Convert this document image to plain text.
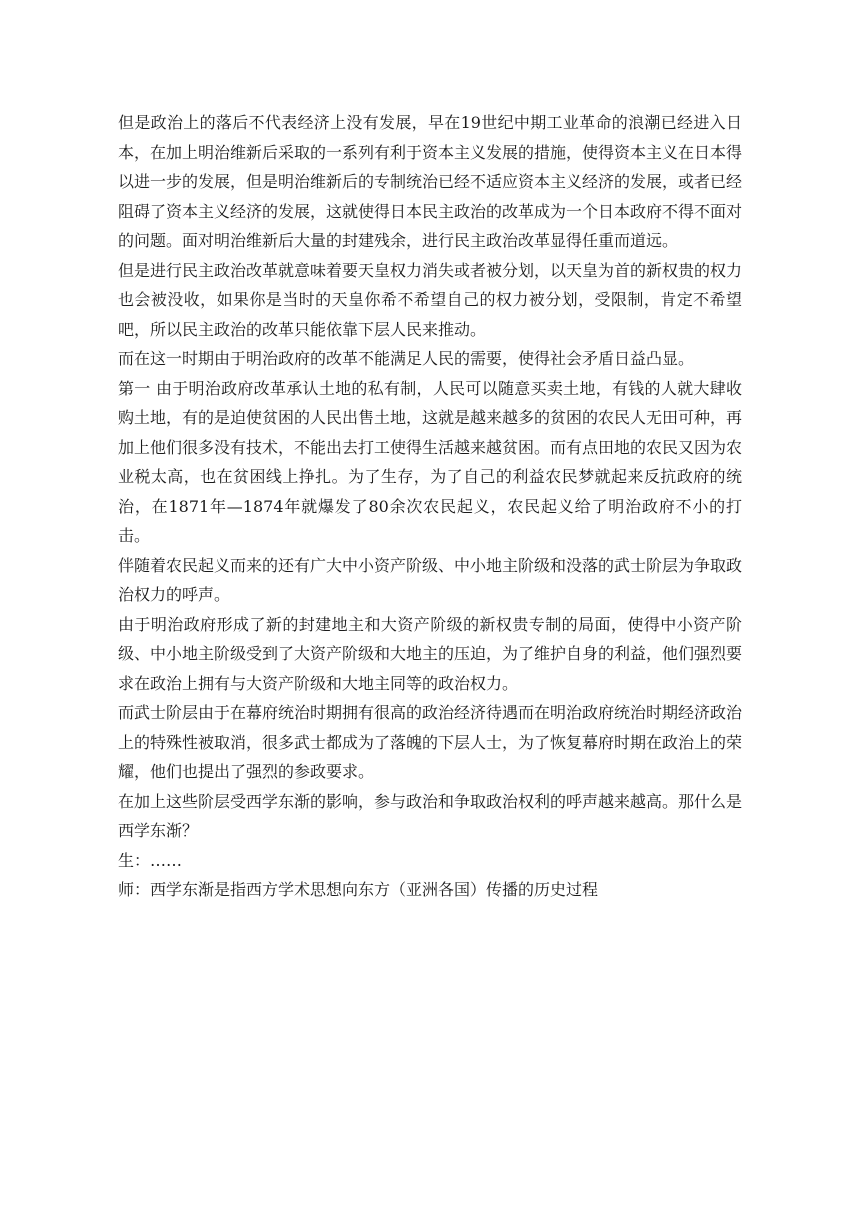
但是政治上的落后不代表经济上没有发展，早在19世纪中期工业革命的浪潮已经进入日本，在加上明治维新后采取的一系列有利于资本主义发展的措施，使得资本主义在日本得以进一步的发展，但是明治维新后的专制统治已经不适应资本主义经济的发展，或者已经阻碍了资本主义经济的发展，这就使得日本民主政治的改革成为一个日本政府不得不面对的问题。面对明治维新后大量的封建残余，进行民主政治改革显得任重而道远。

但是进行民主政治改革就意味着要天皇权力消失或者被分划，以天皇为首的新权贵的权力也会被没收，如果你是当时的天皇你希不希望自己的权力被分划，受限制，肯定不希望吧，所以民主政治的改革只能依靠下层人民来推动。

而在这一时期由于明治政府的改革不能满足人民的需要，使得社会矛盾日益凸显。

第一 由于明治政府改革承认土地的私有制，人民可以随意买卖土地，有钱的人就大肆收购土地，有的是迫使贫困的人民出售土地，这就是越来越多的贫困的农民人无田可种，再加上他们很多没有技术，不能出去打工使得生活越来越贫困。而有点田地的农民又因为农业税太高，也在贫困线上挣扎。为了生存，为了自己的利益农民梦就起来反抗政府的统治，在1871年—1874年就爆发了80余次农民起义，农民起义给了明治政府不小的打击。

伴随着农民起义而来的还有广大中小资产阶级、中小地主阶级和没落的武士阶层为争取政治权力的呼声。

由于明治政府形成了新的封建地主和大资产阶级的新权贵专制的局面，使得中小资产阶级、中小地主阶级受到了大资产阶级和大地主的压迫，为了维护自身的利益，他们强烈要求在政治上拥有与大资产阶级和大地主同等的政治权力。

而武士阶层由于在幕府统治时期拥有很高的政治经济待遇而在明治政府统治时期经济政治上的特殊性被取消，很多武士都成为了落魄的下层人士，为了恢复幕府时期在政治上的荣耀，他们也提出了强烈的参政要求。

在加上这些阶层受西学东渐的影响，参与政治和争取政治权利的呼声越来越高。那什么是西学东渐？

生：……

师：西学东渐是指西方学术思想向东方（亚洲各国）传播的历史过程
